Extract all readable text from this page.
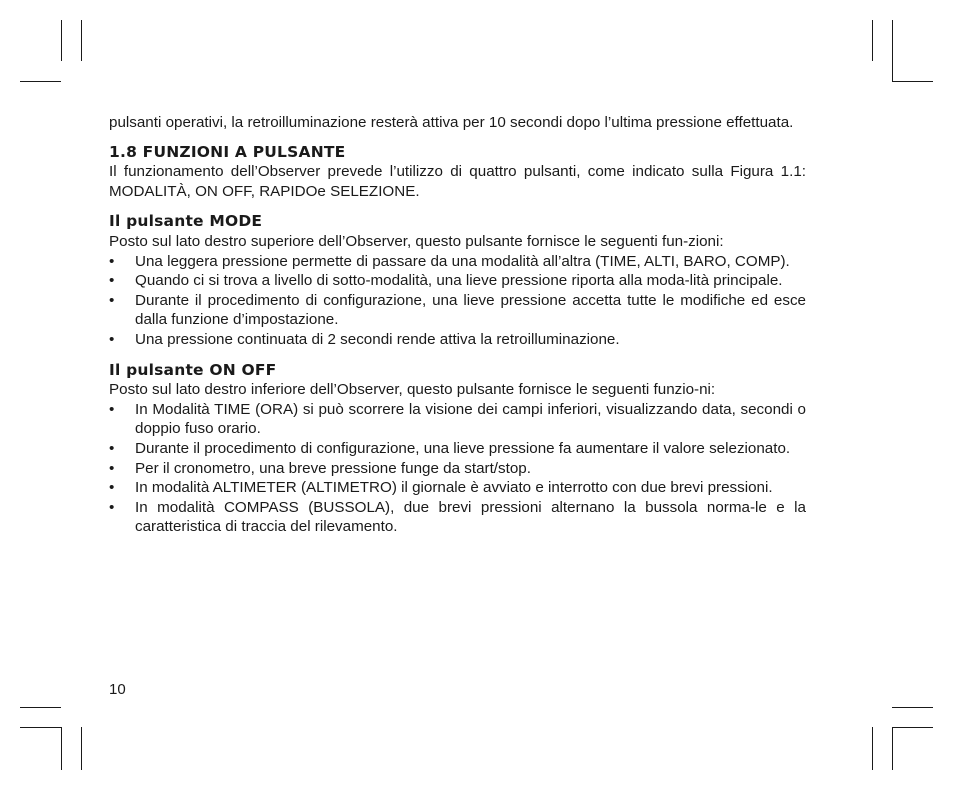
pulsanti operativi, la retroilluminazione resterà attiva per 10 secondi dopo l’ultima pressione effettuata.

1.8 FUNZIONI A PULSANTE

Il funzionamento dell’Observer prevede l’utilizzo di quattro pulsanti, come indicato sulla Figura 1.1: MODALITÀ, ON OFF, RAPIDOe SELEZIONE.

Il pulsante MODE

Posto sul lato destro superiore dell’Observer, questo pulsante fornisce le seguenti fun-zioni:

• Una leggera pressione permette di passare da una modalità all’altra (TIME, ALTI, BARO, COMP).
• Quando ci si trova a livello di sotto-modalità, una lieve pressione riporta alla moda-lità principale.
• Durante il procedimento di configurazione, una lieve pressione accetta tutte le modifiche ed esce dalla funzione d’impostazione.
• Una pressione continuata di 2 secondi rende attiva la retroilluminazione.
Il pulsante ON OFF

Posto sul lato destro inferiore dell’Observer, questo pulsante fornisce le seguenti funzio-ni:

• In Modalità TIME (ORA) si può scorrere la visione dei campi inferiori, visualizzando data, secondi o doppio fuso orario.
• Durante il procedimento di configurazione, una lieve pressione fa aumentare il valore selezionato.
• Per il cronometro, una breve pressione funge da start/stop.
• In modalità ALTIMETER (ALTIMETRO) il giornale è avviato e interrotto con due brevi pressioni.
• In modalità COMPASS (BUSSOLA), due brevi pressioni alternano la bussola norma-le e la caratteristica di traccia del rilevamento.
10
